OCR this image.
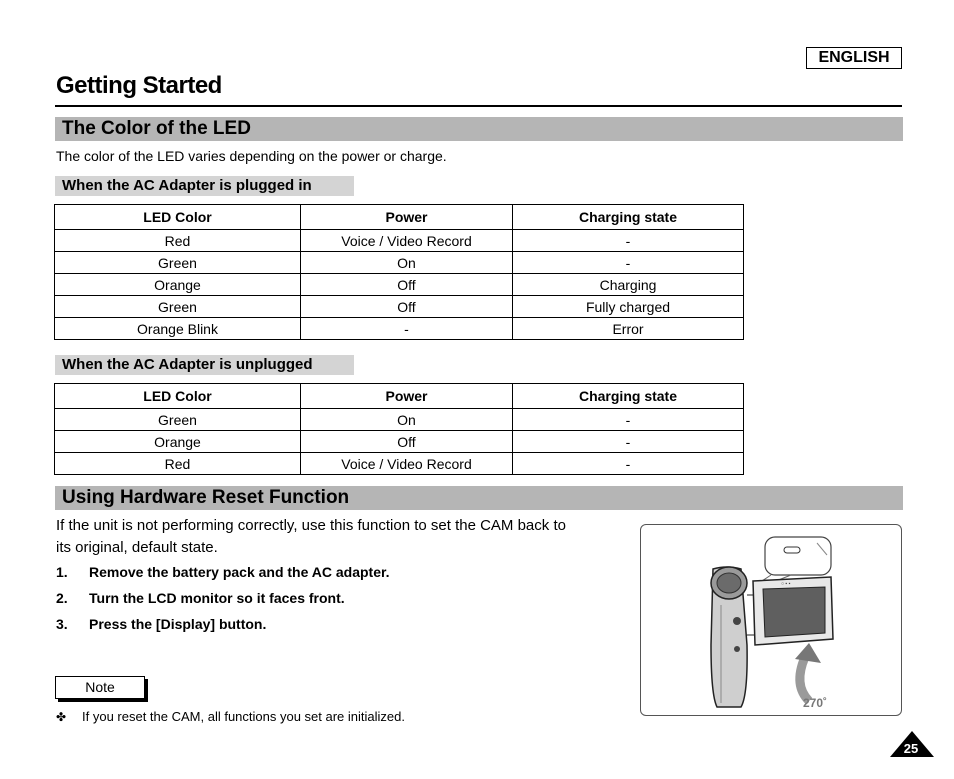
ENGLISH
Getting Started
The Color of the LED
The color of the LED varies depending on the power or charge.
When the AC Adapter is plugged in
LED Color	Power	Charging state
Red	Voice / Video Record	-
Green	On	-
Orange	Off	Charging
Green	Off	Fully charged
Orange Blink	-	Error
When the AC Adapter is unplugged
LED Color	Power	Charging state
Green	On	-
Orange	Off	-
Red	Voice / Video Record	-
Using Hardware Reset Function
If the unit is not performing correctly, use this function to set the CAM back to its original, default state.
1. Remove the battery pack and the AC adapter.
2. Turn the LCD monitor so it faces front.
3. Press the [Display] button.
Note
✤ If you reset the CAM, all functions you set are initialized.
○ ▪ ▪
270˚
25
